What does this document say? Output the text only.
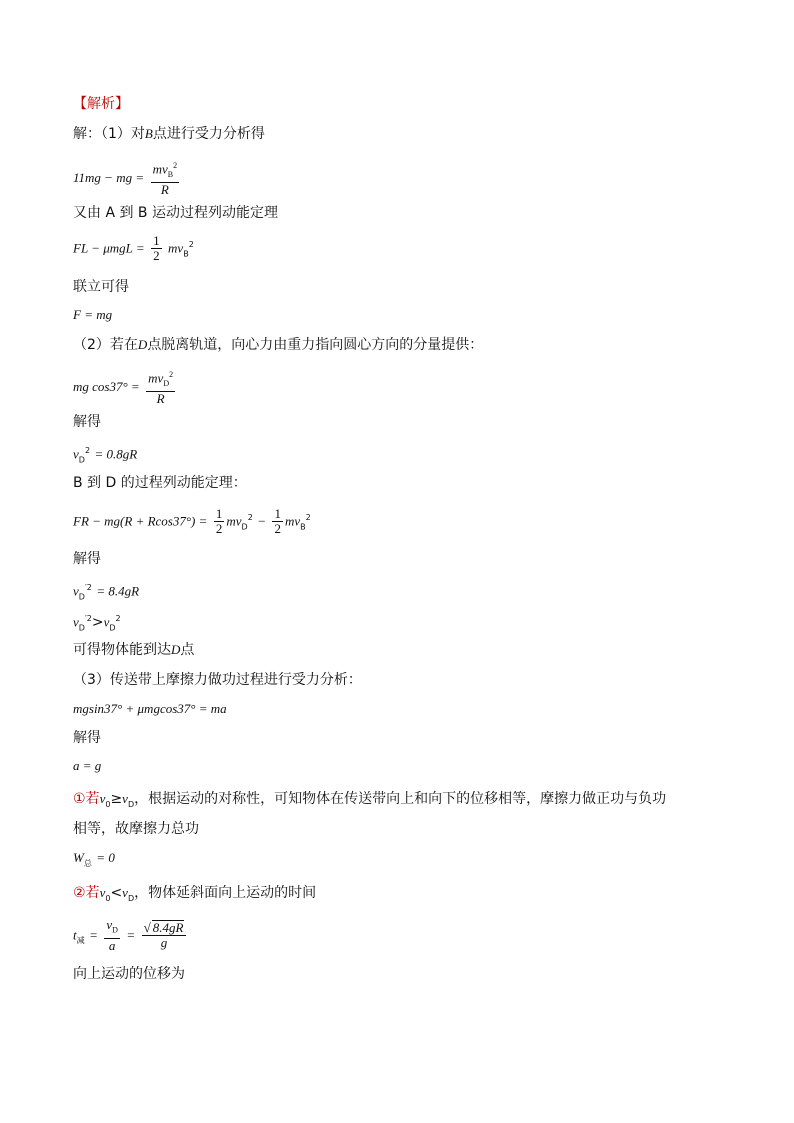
【解析】
解：（1）对B点进行受力分析得
11mg − mg = $\frac{mv_B^2}{R}$
又由 A 到 B 运动过程列动能定理
FL − $\mu mgL = \frac{1}{2} mv_B^2$
联立可得
F = mg
（2）若在D点脱离轨道，向心力由重力指向圆心方向的分量提供：
mg $\cos 37^\circ = \frac{mv_D^2}{R}$
解得
$v_D^2 = 0.8gR$
B 到 D 的过程列动能定理：
FR − $mg(R + Rcos37^\circ) = \frac{1}{2} mv_D^2 - \frac{1}{2} mv_B^2$
解得
$v_D^{'2} = 8.4gR$
$v_D^{'2}>v_D^2$
可得物体能到达D点
（3）传送带上摩擦力做功过程进行受力分析：
mgsin37° + μmgcos37° = ma
解得
a = g
①若$v_0\ge v_D$，根据运动的对称性，可知物体在传送带向上和向下的位移相等，摩擦力做正功与负功
相等，故摩擦力总功
$W_总 = 0$
②若$v_0<v_D$，物体延斜面向上运动的时间
$t_减 = \frac{v_D}{a} = \frac{√ 8.4gR}{g}$
向上运动的位移为
